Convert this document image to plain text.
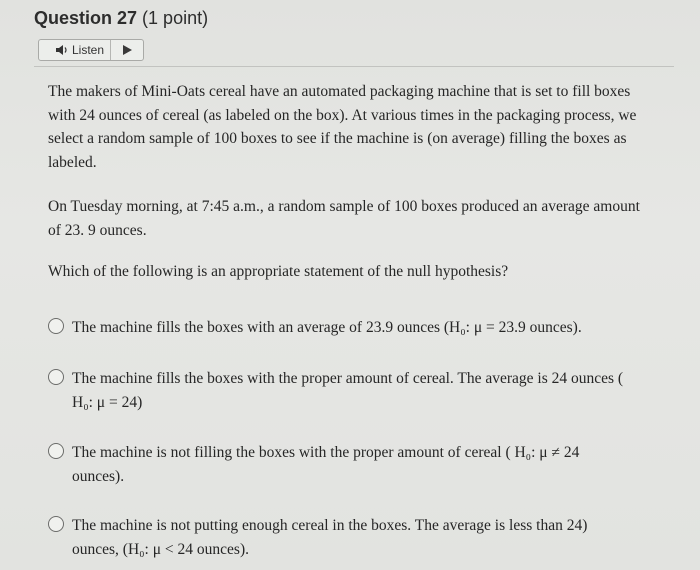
Question 27 (1 point)
Listen
The makers of Mini-Oats cereal have an automated packaging machine that is set to fill boxes with 24 ounces of cereal (as labeled on the box). At various times in the packaging process, we select a random sample of 100 boxes to see if the machine is (on average) filling the boxes as labeled.
On Tuesday morning, at 7:45 a.m., a random sample of 100 boxes produced an average amount of 23. 9 ounces.
Which of the following is an appropriate statement of the null hypothesis?
The machine fills the boxes with an average of 23.9 ounces (H₀: μ = 23.9 ounces).
The machine fills the boxes with the proper amount of cereal. The average is 24 ounces ( H₀: μ = 24)
The machine is not filling the boxes with the proper amount of cereal ( H₀: μ ≠ 24 ounces).
The machine is not putting enough cereal in the boxes. The average is less than 24) ounces, (H₀: μ < 24 ounces).
